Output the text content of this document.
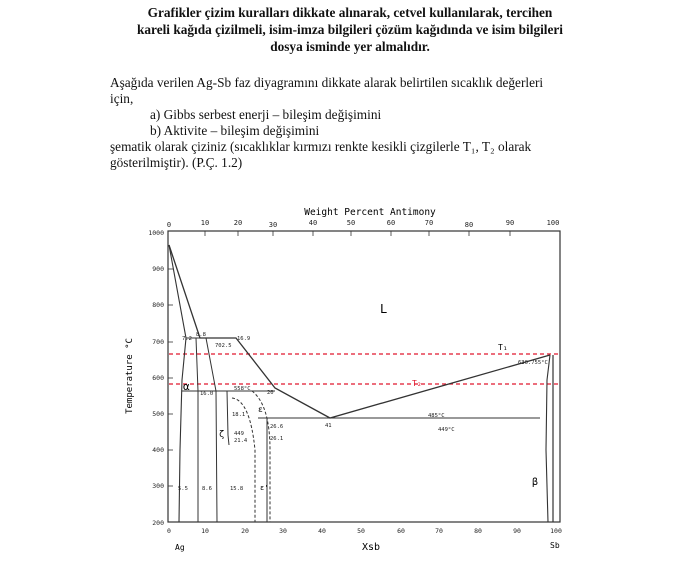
Grafikler çizim kuralları dikkate alınarak, cetvel kullanılarak, tercihen
kareli kağıda çizilmeli, isim-imza bilgileri çözüm kağıdında ve isim bilgileri
dosya isminde yer almalıdır.
Aşağıda verilen Ag-Sb faz diyagramını dikkate alarak belirtilen sıcaklık değerleri
için,
a) Gibbs serbest enerji – bileşim değişimini
b) Aktivite – bileşim değişimini
şematik olarak çiziniz (sıcaklıklar kırmızı renkte kesikli çizgilerle T₁, T₂ olarak
gösterilmiştir). (P.Ç. 1.2)
Weight Percent Antimony
0	10	20	30	40	50	60	70	80	90	100
Temperature °C
200
300
400
500
600
700
800
900
1000
0	10	20	30	40	50	60	70	80	90	100
Ag	Xsb	Sb
T₁
T₂
L
α
β
ζ
ε
ε'
7.2
8.8
702.5
16.9
16.0
558°C
20
18.1
449
21.4
26.6
26.1
41
485°C
449°C
630.755°C
5.5	8.6	15.8
